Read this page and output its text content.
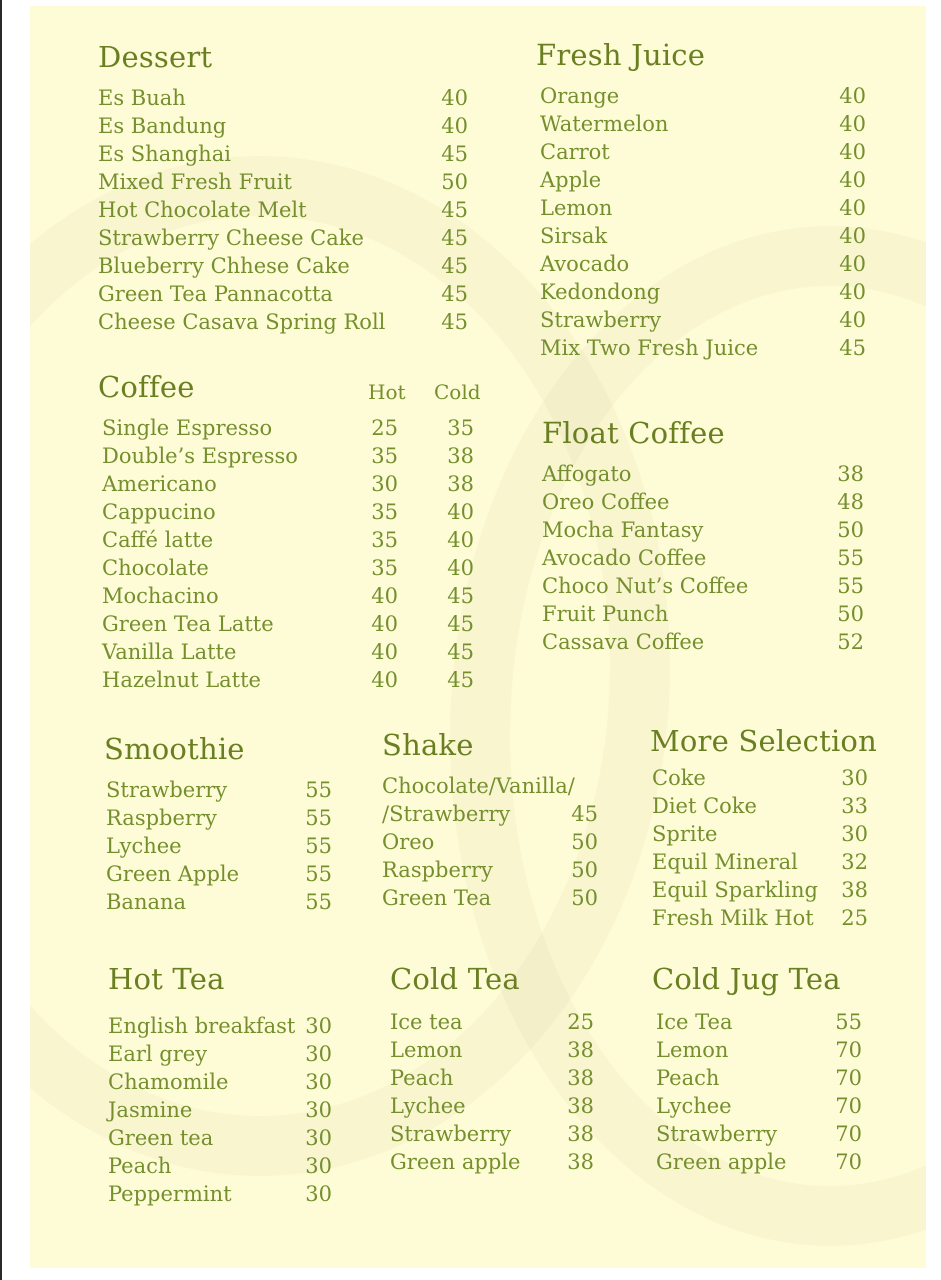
Dessert
Es Buah	40
Es Bandung	40
Es Shanghai	45
Mixed Fresh Fruit	50
Hot Chocolate Melt	45
Strawberry Cheese Cake	45
Blueberry Chhese Cake	45
Green Tea Pannacotta	45
Cheese Casava Spring Roll	45
Fresh Juice
Orange	40
Watermelon	40
Carrot	40
Apple	40
Lemon	40
Sirsak	40
Avocado	40
Kedondong	40
Strawberry	40
Mix Two Fresh Juice	45
Coffee	Hot Cold
Single Espresso	25 35
Double’s Espresso	35 38
Americano	30 38
Cappucino	35 40
Caffé latte	35 40
Chocolate	35 40
Mochacino	40 45
Green Tea Latte	40 45
Vanilla Latte	40 45
Hazelnut Latte	40 45
Float Coffee
Affogato	38
Oreo Coffee	48
Mocha Fantasy	50
Avocado Coffee	55
Choco Nut’s Coffee	55
Fruit Punch	50
Cassava Coffee	52
Smoothie
Strawberry	55
Raspberry	55
Lychee	55
Green Apple	55
Banana	55
Shake
Chocolate/Vanilla/
/Strawberry	45
Oreo	50
Raspberry	50
Green Tea	50
More Selection
Coke	30
Diet Coke	33
Sprite	30
Equil Mineral 32
Equil Sparkling 38
Fresh Milk Hot 25
Hot Tea
English breakfast 30
Earl grey	30
Chamomile	30
Jasmine	30
Green tea	30
Peach	30
Peppermint	30
Cold Tea
Ice tea	25
Lemon	38
Peach	38
Lychee	38
Strawberry	38
Green apple 38
Cold Jug Tea
Ice Tea	55
Lemon	70
Peach	70
Lychee	70
Strawberry	70
Green apple 70
